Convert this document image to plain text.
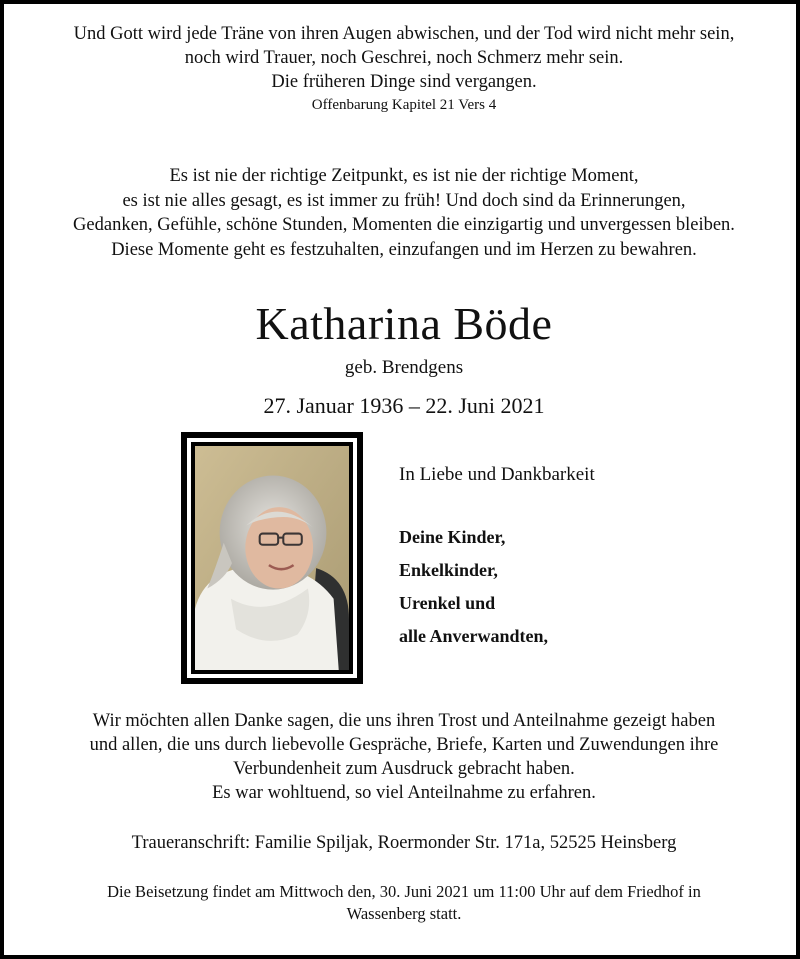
Und Gott wird jede Träne von ihren Augen abwischen, und der Tod wird nicht mehr sein,
noch wird Trauer, noch Geschrei, noch Schmerz mehr sein.
Die früheren Dinge sind vergangen.
Offenbarung Kapitel 21 Vers 4
Es ist nie der richtige Zeitpunkt, es ist nie der richtige Moment,
es ist nie alles gesagt, es ist immer zu früh! Und doch sind da Erinnerungen,
Gedanken, Gefühle, schöne Stunden, Momenten die einzigartig und unvergessen bleiben.
Diese Momente geht es festzuhalten, einzufangen und im Herzen zu bewahren.
Katharina Böde
geb. Brendgens
27. Januar 1936 – 22. Juni 2021
In Liebe und Dankbarkeit
Deine Kinder,
Enkelkinder,
Urenkel und
alle Anverwandten,
Wir möchten allen Danke sagen, die uns ihren Trost und Anteilnahme gezeigt haben
und allen, die uns durch liebevolle Gespräche, Briefe, Karten und Zuwendungen ihre
Verbundenheit zum Ausdruck gebracht haben.
Es war wohltuend, so viel Anteilnahme zu erfahren.
Traueranschrift: Familie Spiljak, Roermonder Str. 171a, 52525 Heinsberg
Die Beisetzung findet am Mittwoch den, 30. Juni 2021 um 11:00 Uhr auf dem Friedhof in
Wassenberg statt.
